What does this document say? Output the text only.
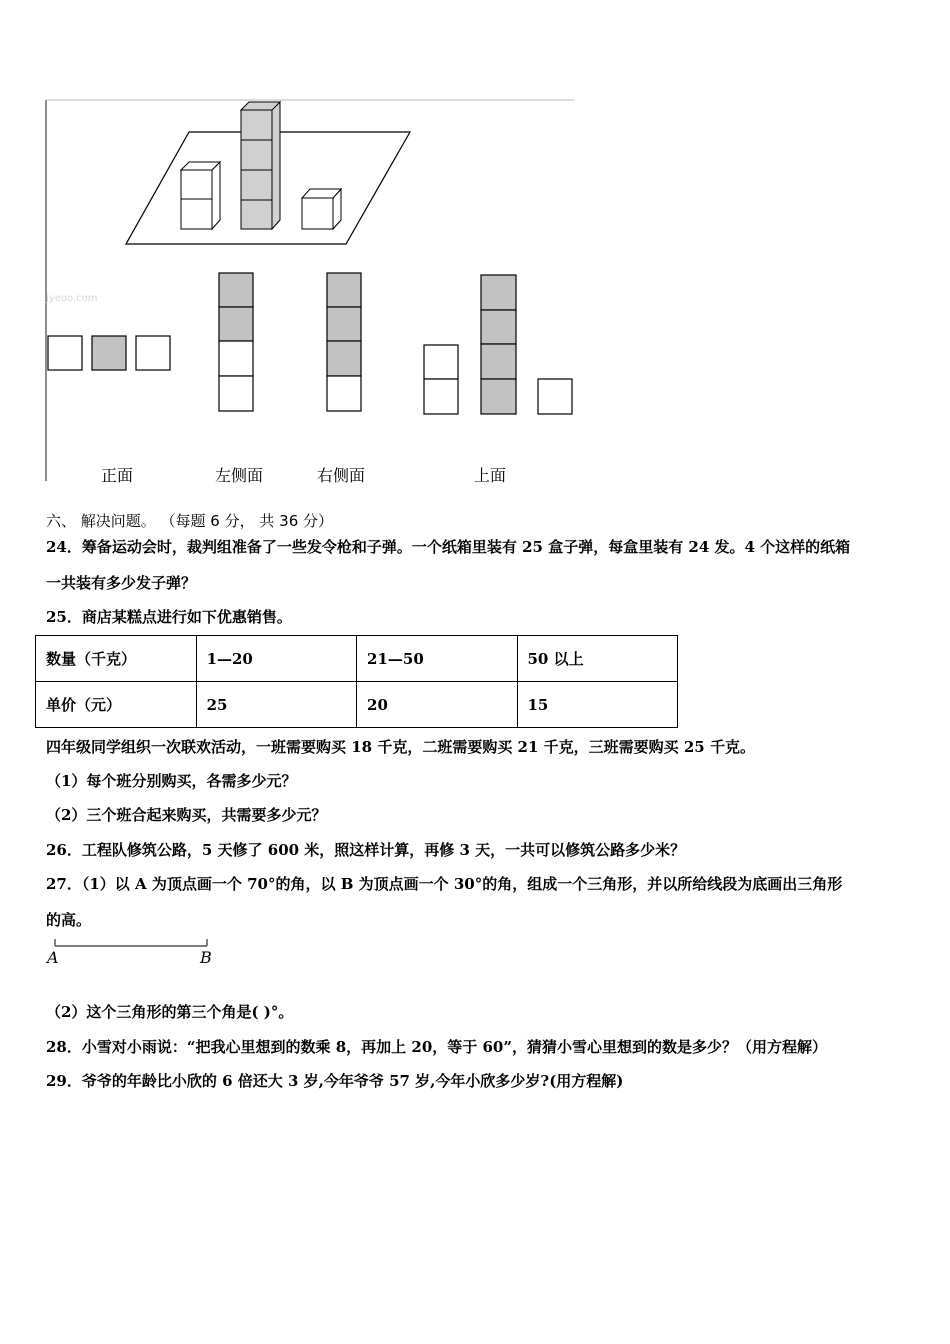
jyeoo.com
正面	左侧面	右侧面	上面
六、 解决问题。 （每题 6 分， 共 36 分）
24．筹备运动会时，裁判组准备了一些发令枪和子弹。一个纸箱里装有 25 盒子弹，每盒里装有 24 发。4 个这样的纸箱
一共装有多少发子弹？
25．商店某糕点进行如下优惠销售。
数量（千克）	1—20	21—50	50 以上
单价（元）	25	20	15
四年级同学组织一次联欢活动，一班需要购买 18 千克，二班需要购买 21 千克，三班需要购买 25 千克。
（1）每个班分别购买，各需多少元？
（2）三个班合起来购买，共需要多少元？
26．工程队修筑公路，5 天修了 600 米，照这样计算，再修 3 天，一共可以修筑公路多少米？
27．（1）以 A 为顶点画一个 70°的角，以 B 为顶点画一个 30°的角，组成一个三角形，并以所给线段为底画出三角形
的高。
A	B
（2）这个三角形的第三个角是( )°。
28．小雪对小雨说：“把我心里想到的数乘 8，再加上 20，等于 60”，猜猜小雪心里想到的数是多少？（用方程解）
29．爷爷的年龄比小欣的 6 倍还大 3 岁,今年爷爷 57 岁,今年小欣多少岁?(用方程解)
